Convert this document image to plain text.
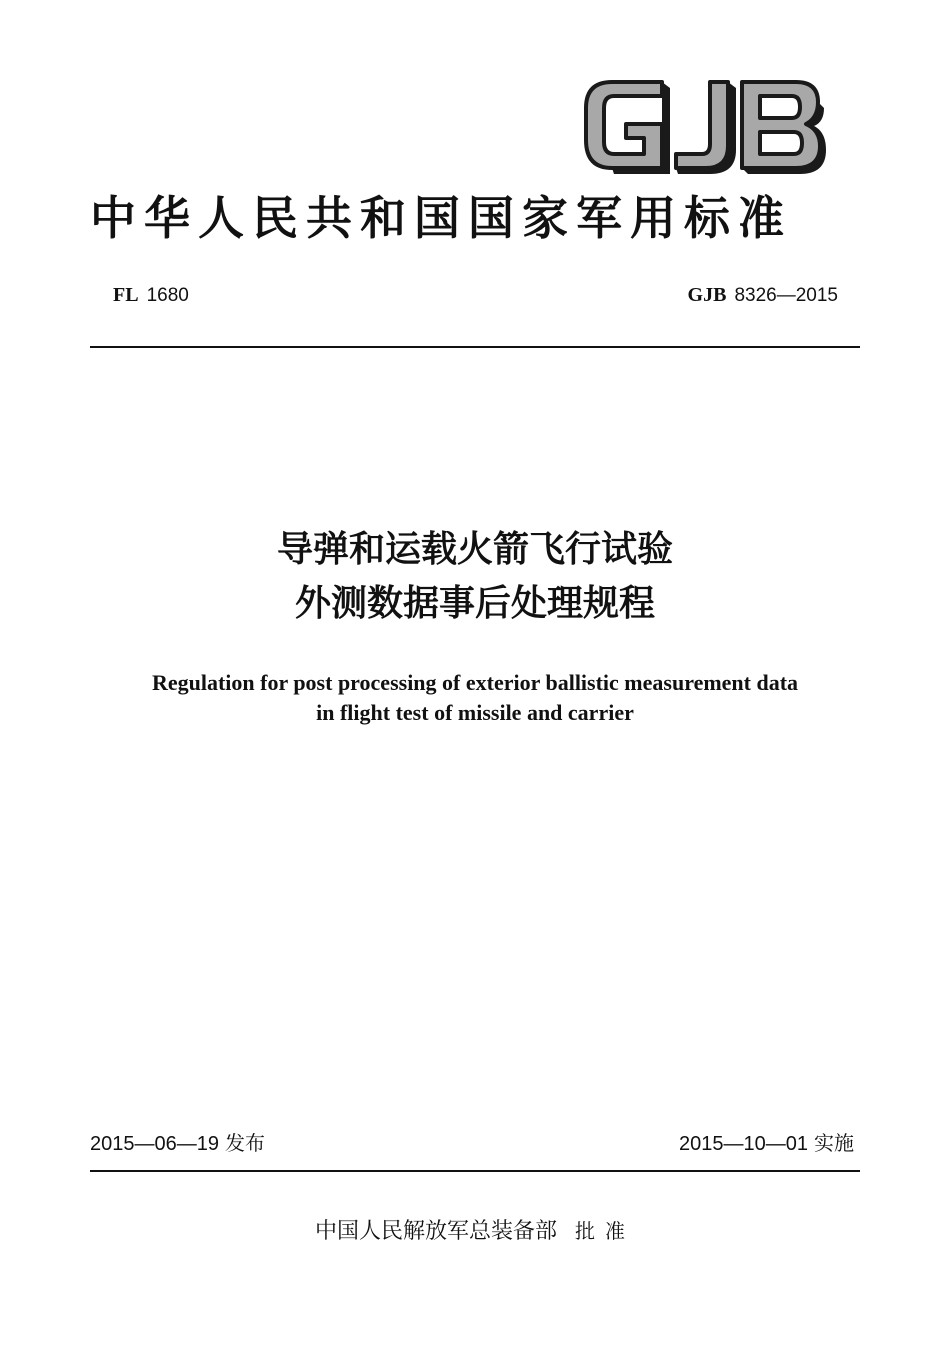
中华人民共和国国家军用标准
FL 1680	GJB 8326—2015
导弹和运载火箭飞行试验
外测数据事后处理规程

Regulation for post processing of exterior ballistic measurement data

in flight test of missile and carrier

2015—06—19 发布	2015—10—01 实施
中国人民解放军总装备部 批准
